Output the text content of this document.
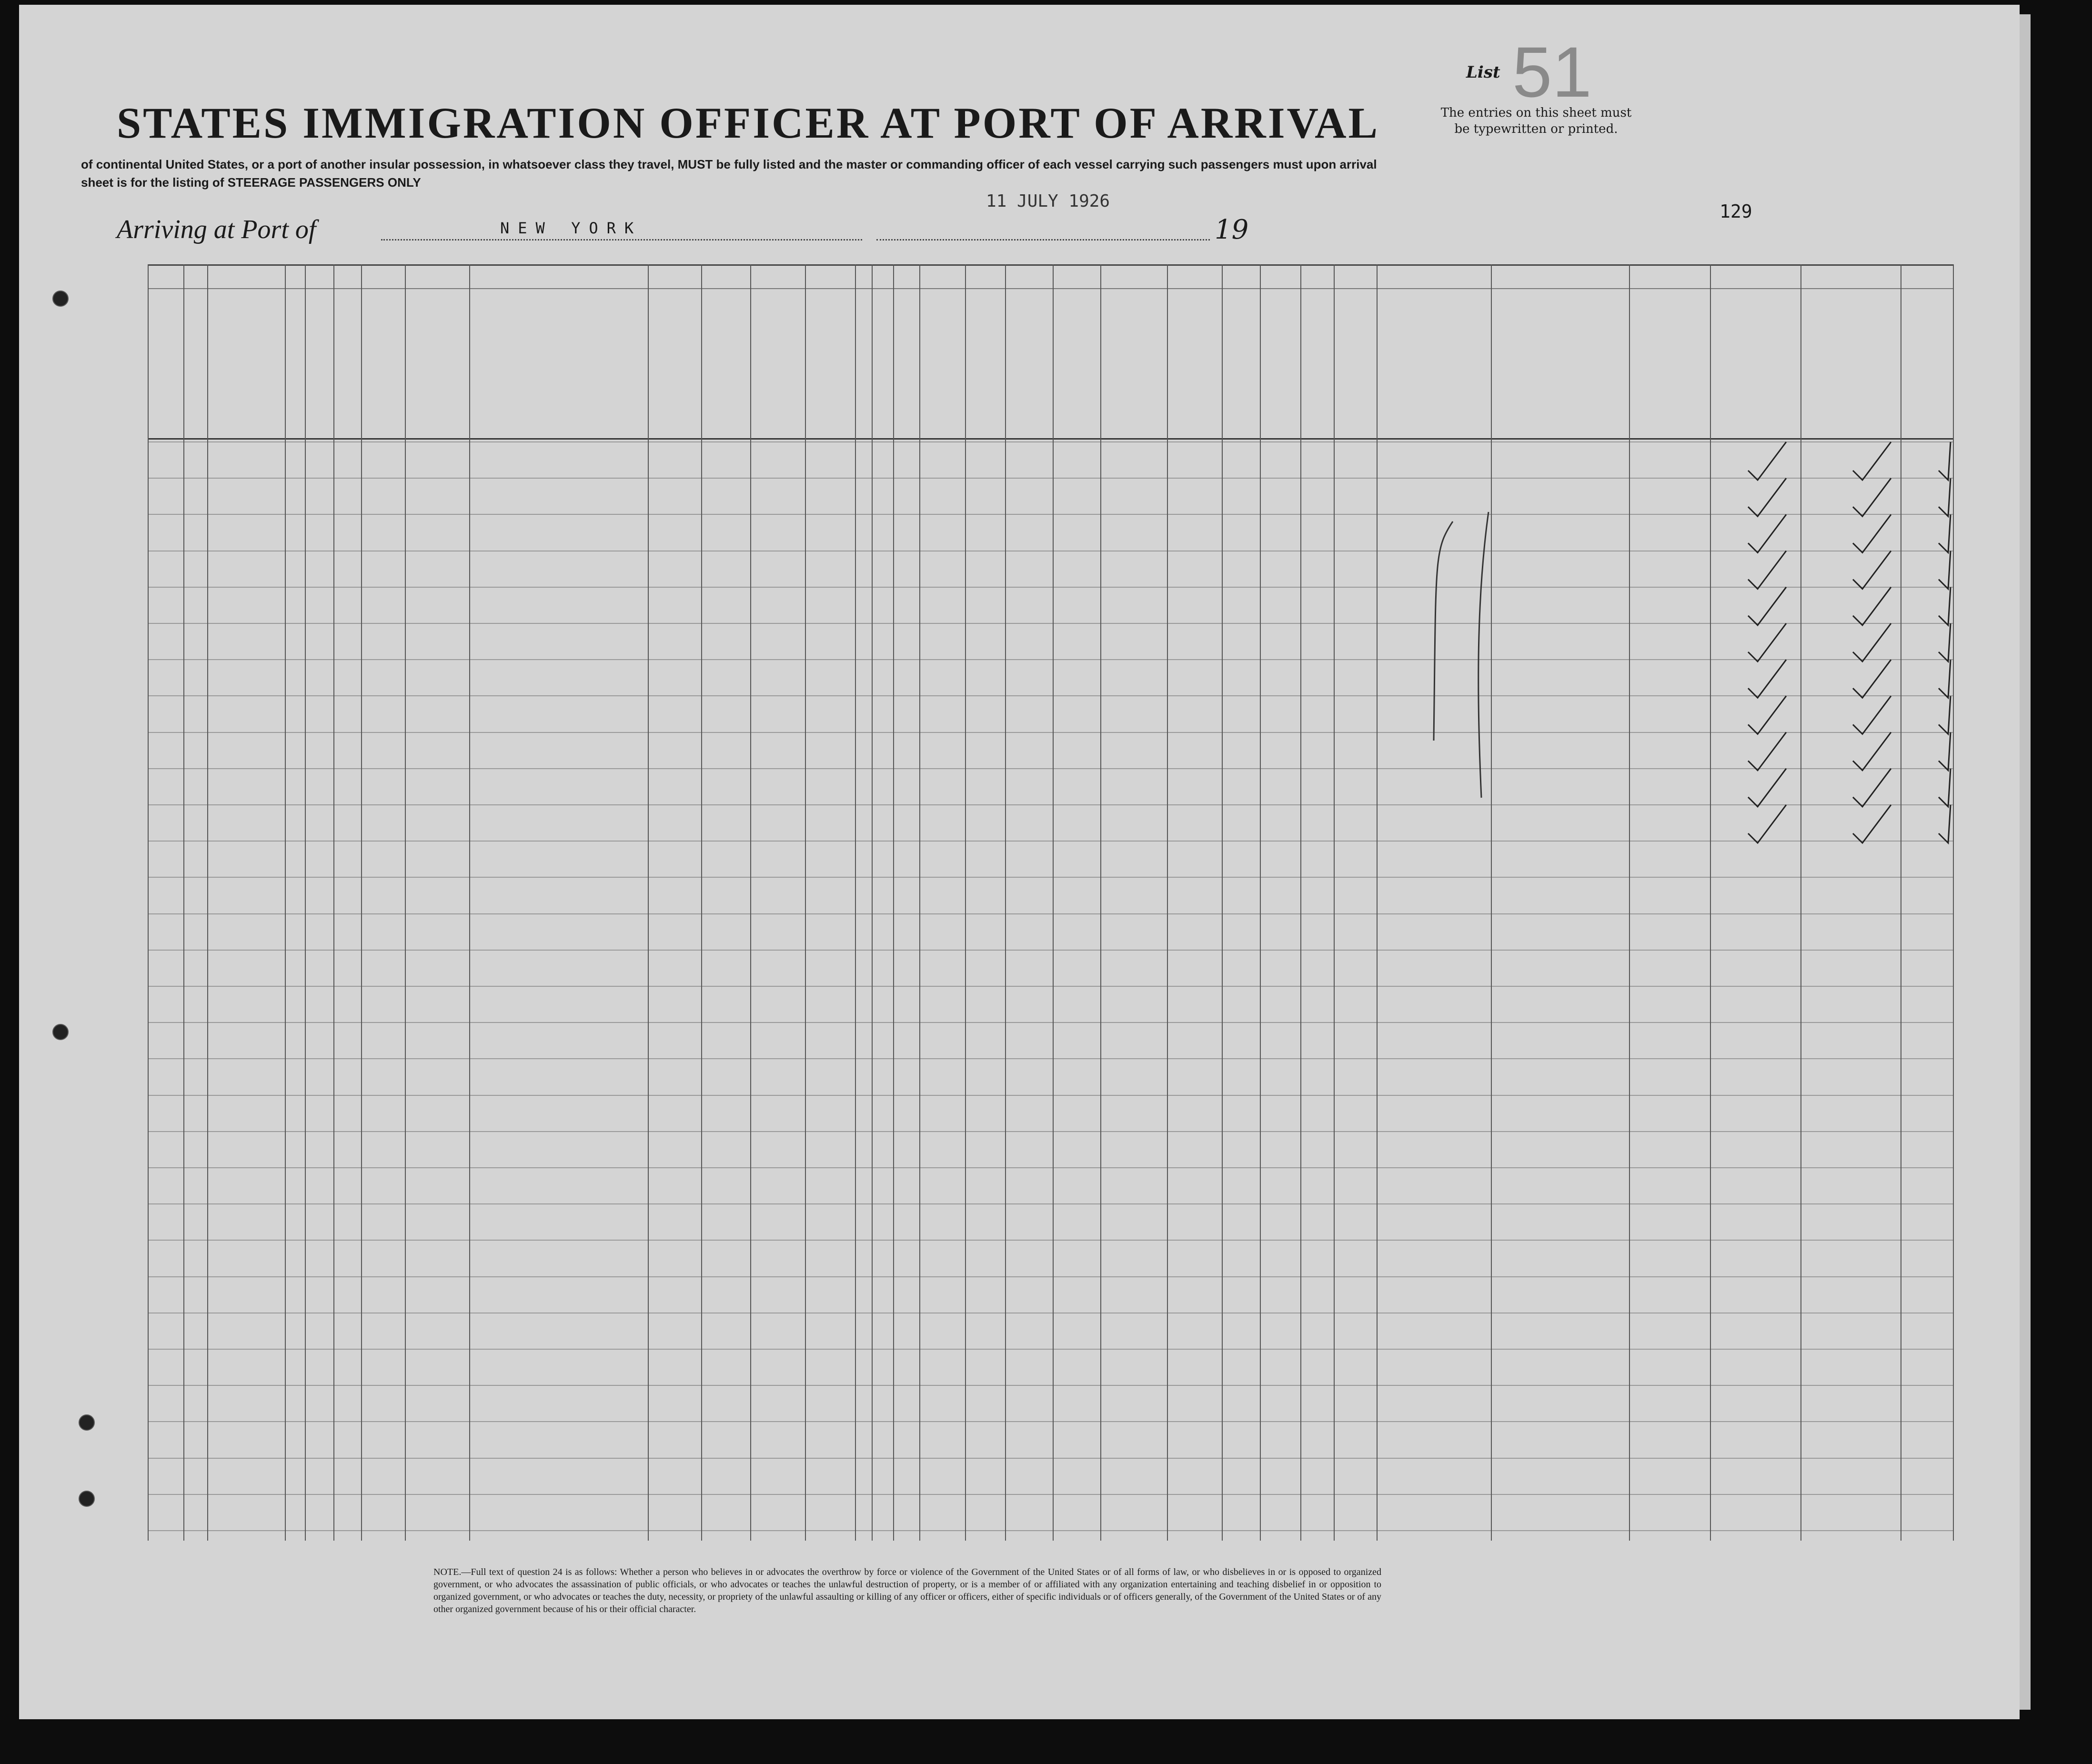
List 51
STATES IMMIGRATION OFFICER AT PORT OF ARRIVAL	The entries on this sheet must
be typewritten or printed.
of continental United States, or a port of another insular possession, in whatsoever class they travel, MUST be fully listed and the master or commanding officer of each vessel carrying such passengers must upon arrival
sheet is for the listing of STEERAGE PASSENGERS ONLY
11 JULY 1926
Arriving at Port of	NEW YORK	19
129
NOTE.—Full text of question 24 is as follows: Whether a person who believes in or advocates the overthrow by force or violence of the Government of the United States or of all forms of law, or who disbelieves in or is opposed to organized government, or who advocates the assassination of public officials, or who advocates or teaches the unlawful destruction of property, or is a member of or affiliated with any organization entertaining and teaching disbelief in or opposition to organized government, or who advocates or teaches the duty, necessity, or propriety of the unlawful assaulting or killing of any officer or officers, either of specific individuals or of officers generally, of the Government of the United States or of any other organized government because of his or their official character.
